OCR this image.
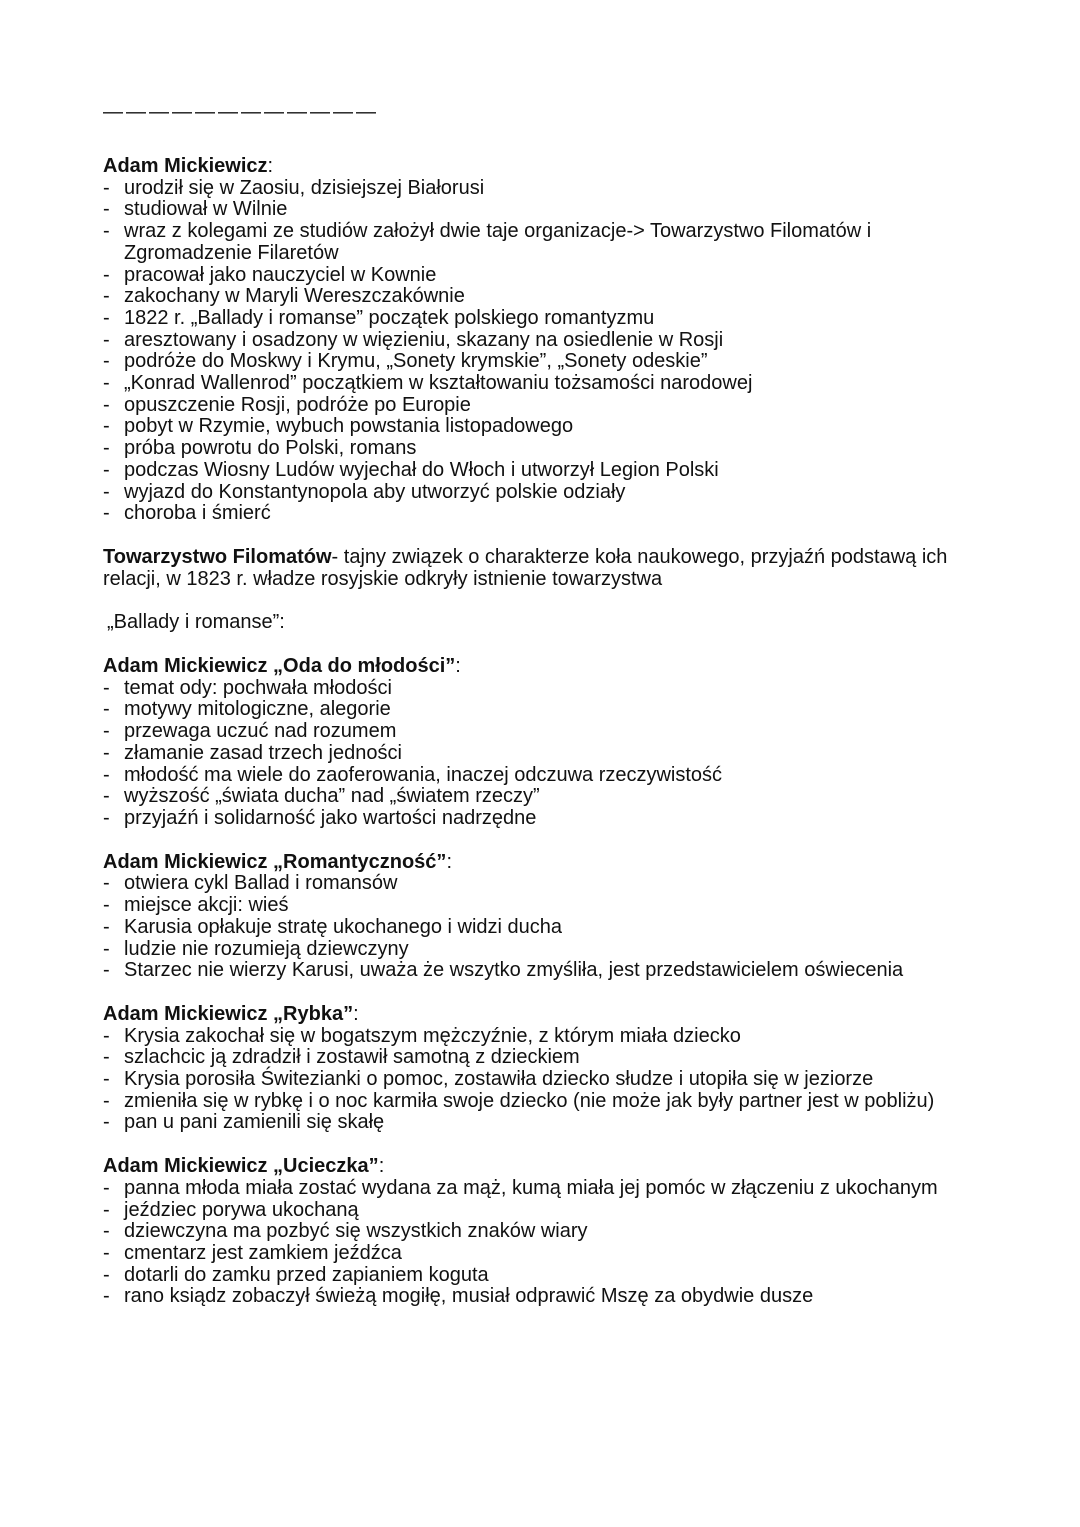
————————————
Adam Mickiewicz:
- urodził się w Zaosiu, dzisiejszej Białorusi
- studiował w Wilnie
- wraz z kolegami ze studiów założył dwie taje organizacje-> Towarzystwo Filomatów i Zgromadzenie Filaretów
- pracował jako nauczyciel w Kownie
- zakochany w Maryli Wereszczakównie
- 1822 r. „Ballady i romanse” początek polskiego romantyzmu
- aresztowany i osadzony w więzieniu, skazany na osiedlenie w Rosji
- podróże do Moskwy i Krymu, „Sonety krymskie”, „Sonety odeskie”
- „Konrad Wallenrod” początkiem w kształtowaniu tożsamości narodowej
- opuszczenie Rosji, podróże po Europie
- pobyt w Rzymie, wybuch powstania listopadowego
- próba powrotu do Polski, romans
- podczas Wiosny Ludów wyjechał do Włoch i utworzył Legion Polski
- wyjazd do Konstantynopola aby utworzyć polskie odziały
- choroba i śmierć
Towarzystwo Filomatów- tajny związek o charakterze koła naukowego, przyjaźń podstawą ich relacji, w 1823 r. władze rosyjskie odkryły istnienie towarzystwa
„Ballady i romanse”:
Adam Mickiewicz „Oda do młodości”:
- temat ody: pochwała młodości
- motywy mitologiczne, alegorie
- przewaga uczuć nad rozumem
- złamanie zasad trzech jedności
- młodość ma wiele do zaoferowania, inaczej odczuwa rzeczywistość
- wyższość „świata ducha” nad „światem rzeczy”
- przyjaźń i solidarność jako wartości nadrzędne
Adam Mickiewicz „Romantyczność”:
- otwiera cykl Ballad i romansów
- miejsce akcji: wieś
- Karusia opłakuje stratę ukochanego i widzi ducha
- ludzie nie rozumieją dziewczyny
- Starzec nie wierzy Karusi, uważa że wszytko zmyśliła, jest przedstawicielem oświecenia
Adam Mickiewicz „Rybka”:
- Krysia zakochał się w bogatszym mężczyźnie, z którym miała dziecko
- szlachcic ją zdradził i zostawił samotną z dzieckiem
- Krysia porosiła Świtezianki o pomoc, zostawiła dziecko słudze i utopiła się w jeziorze
- zmieniła się w rybkę i o noc karmiła swoje dziecko (nie może jak były partner jest w pobliżu)
- pan u pani zamienili się skałę
Adam Mickiewicz „Ucieczka”:
- panna młoda miała zostać wydana za mąż, kumą miała jej pomóc w złączeniu z ukochanym
- jeździec porywa ukochaną
- dziewczyna ma pozbyć się wszystkich znaków wiary
- cmentarz jest zamkiem jeźdźca
- dotarli do zamku przed zapianiem koguta
- rano ksiądz zobaczył świeżą mogiłę, musiał odprawić Mszę za obydwie dusze
